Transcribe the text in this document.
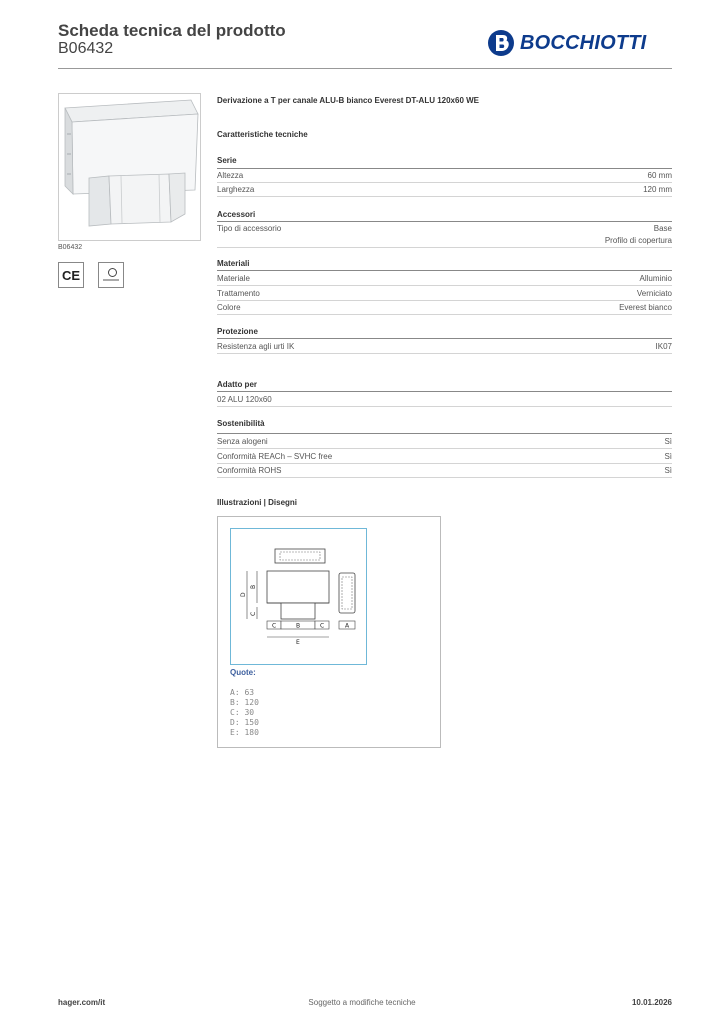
Scheda tecnica del prodotto
B06432	BOCCHIOTTI
B06432
CE
Derivazione a T per canale ALU-B bianco Everest DT-ALU 120x60 WE
Caratteristiche tecniche
Serie
Altezza	60 mm
Larghezza	120 mm
Accessori
Tipo di accessorio	Base
Profilo di copertura
Materiali
Materiale	Alluminio
Trattamento	Verniciato
Colore	Everest bianco
Protezione
Resistenza agli urti IK	IK07
Adatto per
02 ALU 120x60
Sostenibilità
Senza alogeni	Sì
Conformità REACh – SVHC free	Sì
Conformità ROHS	Sì
Illustrazioni | Disegni
D
B
C
C	B	C	A
E
Quote:
A: 63
B: 120
C: 30
D: 150
E: 180
hager.com/it	Soggetto a modifiche tecniche	10.01.2026
